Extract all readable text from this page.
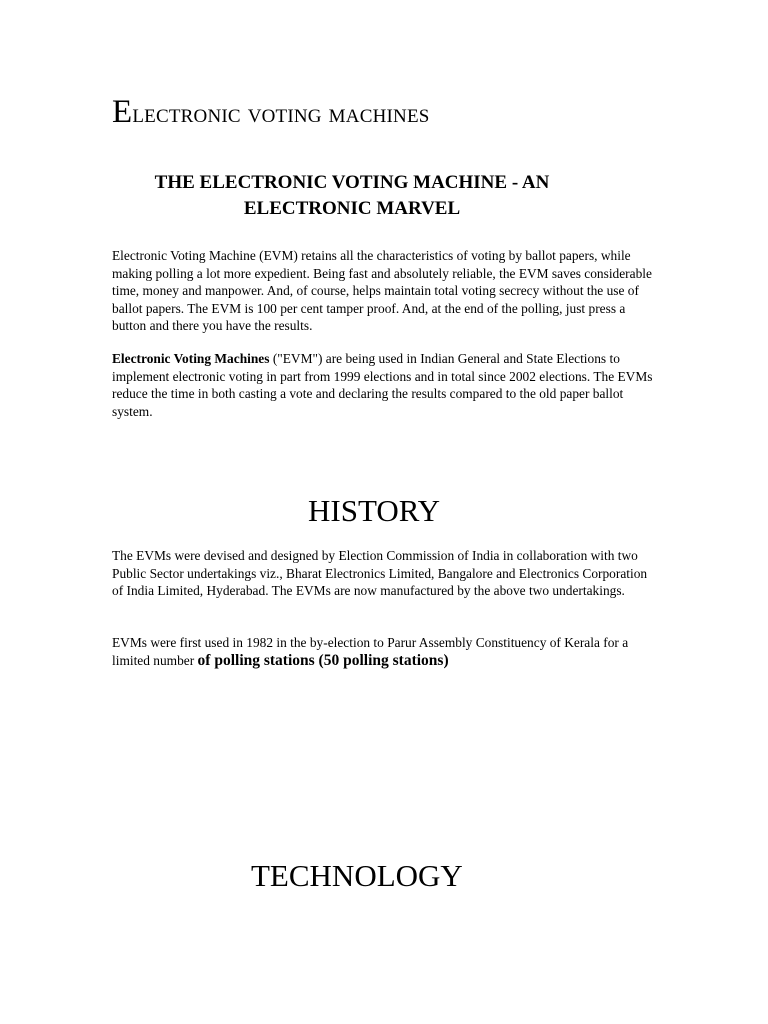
Electronic voting machines
THE ELECTRONIC VOTING MACHINE - AN ELECTRONIC MARVEL

Electronic Voting Machine (EVM) retains all the characteristics of voting by ballot papers, while making polling a lot more expedient. Being fast and absolutely reliable, the EVM saves considerable time, money and manpower. And, of course, helps maintain total voting secrecy without the use of ballot papers. The EVM is 100 per cent tamper proof. And, at the end of the polling, just press a button and there you have the results.

Electronic Voting Machines ("EVM") are being used in Indian General and State Elections to implement electronic voting in part from 1999 elections and in total since 2002 elections. The EVMs reduce the time in both casting a vote and declaring the results compared to the old paper ballot system.

HISTORY

The EVMs were devised and designed by Election Commission of India in collaboration with two Public Sector undertakings viz., Bharat Electronics Limited, Bangalore and Electronics Corporation of India Limited, Hyderabad. The EVMs are now manufactured by the above two undertakings.

EVMs were first used in 1982 in the by-election to Parur Assembly Constituency of Kerala for a limited number of polling stations (50 polling stations)

TECHNOLOGY
